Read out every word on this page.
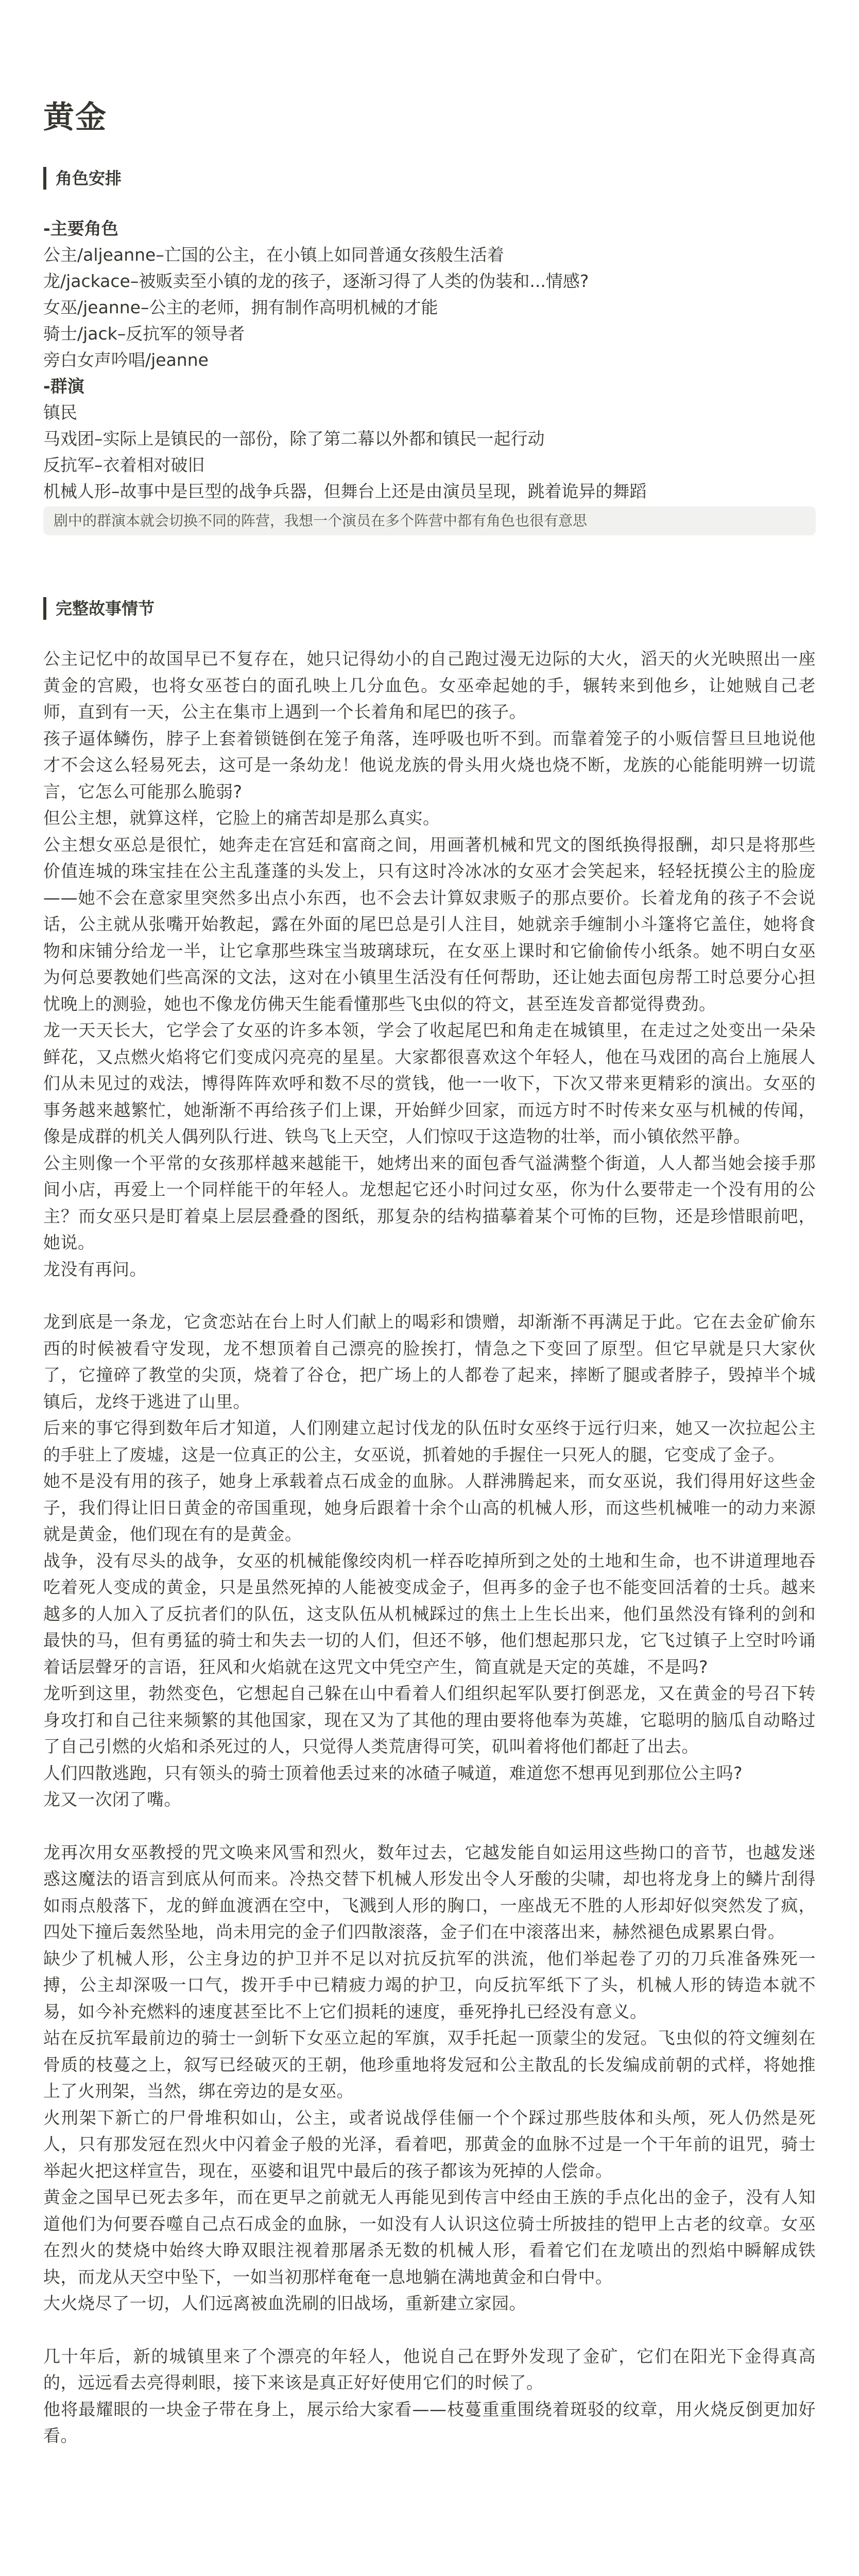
黄金
角色安排
-主要角色
公主/aljeanne–亡国的公主，在小镇上如同普通女孩般生活着
龙/jackace–被贩卖至小镇的龙的孩子，逐渐习得了人类的伪装和...情感?
女巫/jeanne–公主的老师，拥有制作高明机械的才能
骑士/jack–反抗军的领导者
旁白女声吟唱/jeanne
-群演
镇民
马戏团–实际上是镇民的一部份，除了第二幕以外都和镇民一起行动
反抗军–衣着相对破旧
机械人形–故事中是巨型的战争兵器，但舞台上还是由演员呈现，跳着诡异的舞蹈
剧中的群演本就会切换不同的阵营，我想一个演员在多个阵营中都有角色也很有意思
完整故事情节

公主记忆中的故国早已不复存在，她只记得幼小的自己跑过漫无边际的大火，滔天的火光映照出一座黄金的宫殿，也将女巫苍白的面孔映上几分血色。女巫牵起她的手，辗转来到他乡，让她贼自己老师，直到有一天，公主在集市上遇到一个长着角和尾巴的孩子。

孩子逼体鳞伤，脖子上套着锁链倒在笼子角落，连呼吸也听不到。而靠着笼子的小贩信誓旦旦地说他才不会这么轻易死去，这可是一条幼龙！他说龙族的骨头用火烧也烧不断，龙族的心能能明辨一切谎言，它怎么可能那么脆弱?

但公主想，就算这样，它脸上的痛苦却是那么真实。

公主想女巫总是很忙，她奔走在宫廷和富商之间，用画著机械和咒文的图纸换得报酬，却只是将那些价值连城的珠宝挂在公主乱蓬蓬的头发上，只有这时冷冰冰的女巫才会笑起来，轻轻抚摸公主的脸庞——她不会在意家里突然多出点小东西，也不会去计算奴隶贩子的那点要价。长着龙角的孩子不会说话，公主就从张嘴开始教起，露在外面的尾巴总是引人注目，她就亲手缠制小斗篷将它盖住，她将食物和床铺分给龙一半，让它拿那些珠宝当玻璃球玩，在女巫上课时和它偷偷传小纸条。她不明白女巫为何总要教她们些高深的文法，这对在小镇里生活没有任何帮助，还让她去面包房帮工时总要分心担忧晚上的测验，她也不像龙仿佛天生能看懂那些飞虫似的符文，甚至连发音都觉得费劲。

龙一天天长大，它学会了女巫的许多本领，学会了收起尾巴和角走在城镇里，在走过之处变出一朵朵鲜花，又点燃火焰将它们变成闪亮亮的星星。大家都很喜欢这个年轻人，他在马戏团的高台上施展人们从未见过的戏法，博得阵阵欢呼和数不尽的赏钱，他一一收下，下次又带来更精彩的演出。女巫的事务越来越繁忙，她渐渐不再给孩子们上课，开始鲜少回家，而远方时不时传来女巫与机械的传闻，像是成群的机关人偶列队行进、铁鸟飞上天空，人们惊叹于这造物的壮举，而小镇依然平静。

公主则像一个平常的女孩那样越来越能干，她烤出来的面包香气溢满整个街道，人人都当她会接手那间小店，再爱上一个同样能干的年轻人。龙想起它还小时问过女巫，你为什么要带走一个没有用的公主？而女巫只是盯着桌上层层叠叠的图纸，那复杂的结构描摹着某个可怖的巨物，还是珍惜眼前吧，她说。

龙没有再问。

龙到底是一条龙，它贪恋站在台上时人们献上的喝彩和馈赠，却渐渐不再满足于此。它在去金矿偷东西的时候被看守发现，龙不想顶着自己漂亮的脸挨打，情急之下变回了原型。但它早就是只大家伙了，它撞碎了教堂的尖顶，烧着了谷仓，把广场上的人都卷了起来，摔断了腿或者脖子，毁掉半个城镇后，龙终于逃进了山里。

后来的事它得到数年后才知道，人们刚建立起讨伐龙的队伍时女巫终于远行归来，她又一次拉起公主的手驻上了废墟，这是一位真正的公主，女巫说，抓着她的手握住一只死人的腿，它变成了金子。

她不是没有用的孩子，她身上承载着点石成金的血脉。人群沸腾起来，而女巫说，我们得用好这些金子，我们得让旧日黄金的帝国重现，她身后跟着十余个山高的机械人形，而这些机械唯一的动力来源就是黄金，他们现在有的是黄金。

战争，没有尽头的战争，女巫的机械能像绞肉机一样吞吃掉所到之处的土地和生命，也不讲道理地吞吃着死人变成的黄金，只是虽然死掉的人能被变成金子，但再多的金子也不能变回活着的士兵。越来越多的人加入了反抗者们的队伍，这支队伍从机械踩过的焦土上生长出来，他们虽然没有锋利的剑和最快的马，但有勇猛的骑士和失去一切的人们，但还不够，他们想起那只龙，它飞过镇子上空时吟诵着话层聲牙的言语，狂风和火焰就在这咒文中凭空产生，简直就是天定的英雄，不是吗?

龙听到这里，勃然变色，它想起自己躲在山中看着人们组织起军队要打倒恶龙，又在黄金的号召下转身攻打和自己往来频繁的其他国家，现在又为了其他的理由要将他奉为英雄，它聪明的脑瓜自动略过了自己引燃的火焰和杀死过的人，只觉得人类荒唐得可笑，矶叫着将他们都赶了出去。

人们四散逃跑，只有领头的骑士顶着他丢过来的冰碴子喊道，难道您不想再见到那位公主吗?

龙又一次闭了嘴。

龙再次用女巫教授的咒文唤来风雪和烈火，数年过去，它越发能自如运用这些拗口的音节，也越发迷惑这魔法的语言到底从何而来。冷热交替下机械人形发出令人牙酸的尖啸，却也将龙身上的鳞片刮得如雨点般落下，龙的鲜血渡洒在空中，飞溅到人形的胸口，一座战无不胜的人形却好似突然发了疯，四处下撞后轰然坠地，尚未用完的金子们四散滚落，金子们在中滚落出来，赫然褪色成累累白骨。

缺少了机械人形，公主身边的护卫并不足以对抗反抗军的洪流，他们举起卷了刃的刀兵准备殊死一搏，公主却深吸一口气，拨开手中已精疲力竭的护卫，向反抗军纸下了头，机械人形的铸造本就不易，如今补充燃料的速度甚至比不上它们损耗的速度，垂死挣扎已经没有意义。

站在反抗军最前边的骑士一剑斩下女巫立起的军旗，双手托起一顶蒙尘的发冠。飞虫似的符文缠刻在骨质的枝蔓之上，叙写已经破灭的王朝，他珍重地将发冠和公主散乱的长发编成前朝的式样，将她推上了火刑架，当然，绑在旁边的是女巫。

火刑架下新亡的尸骨堆积如山，公主，或者说战俘佳俪一个个踩过那些肢体和头颅，死人仍然是死人，只有那发冠在烈火中闪着金子般的光泽，看着吧，那黄金的血脉不过是一个干年前的诅咒，骑士举起火把这样宣告，现在，巫婆和诅咒中最后的孩子都该为死掉的人偿命。

黄金之国早已死去多年，而在更早之前就无人再能见到传言中经由王族的手点化出的金子，没有人知道他们为何要吞噬自己点石成金的血脉，一如没有人认识这位骑士所披挂的铠甲上古老的纹章。女巫在烈火的焚烧中始终大睁双眼注视着那屠杀无数的机械人形，看着它们在龙喷出的烈焰中瞬解成铁块，而龙从天空中坠下，一如当初那样奄奄一息地躺在满地黄金和白骨中。

大火烧尽了一切，人们远离被血洗刷的旧战场，重新建立家园。

几十年后，新的城镇里来了个漂亮的年轻人，他说自己在野外发现了金矿，它们在阳光下金得真高的，远远看去亮得刺眼，接下来该是真正好好使用它们的时候了。

他将最耀眼的一块金子带在身上，展示给大家看——枝蔓重重围绕着斑驳的纹章，用火烧反倒更加好看。
